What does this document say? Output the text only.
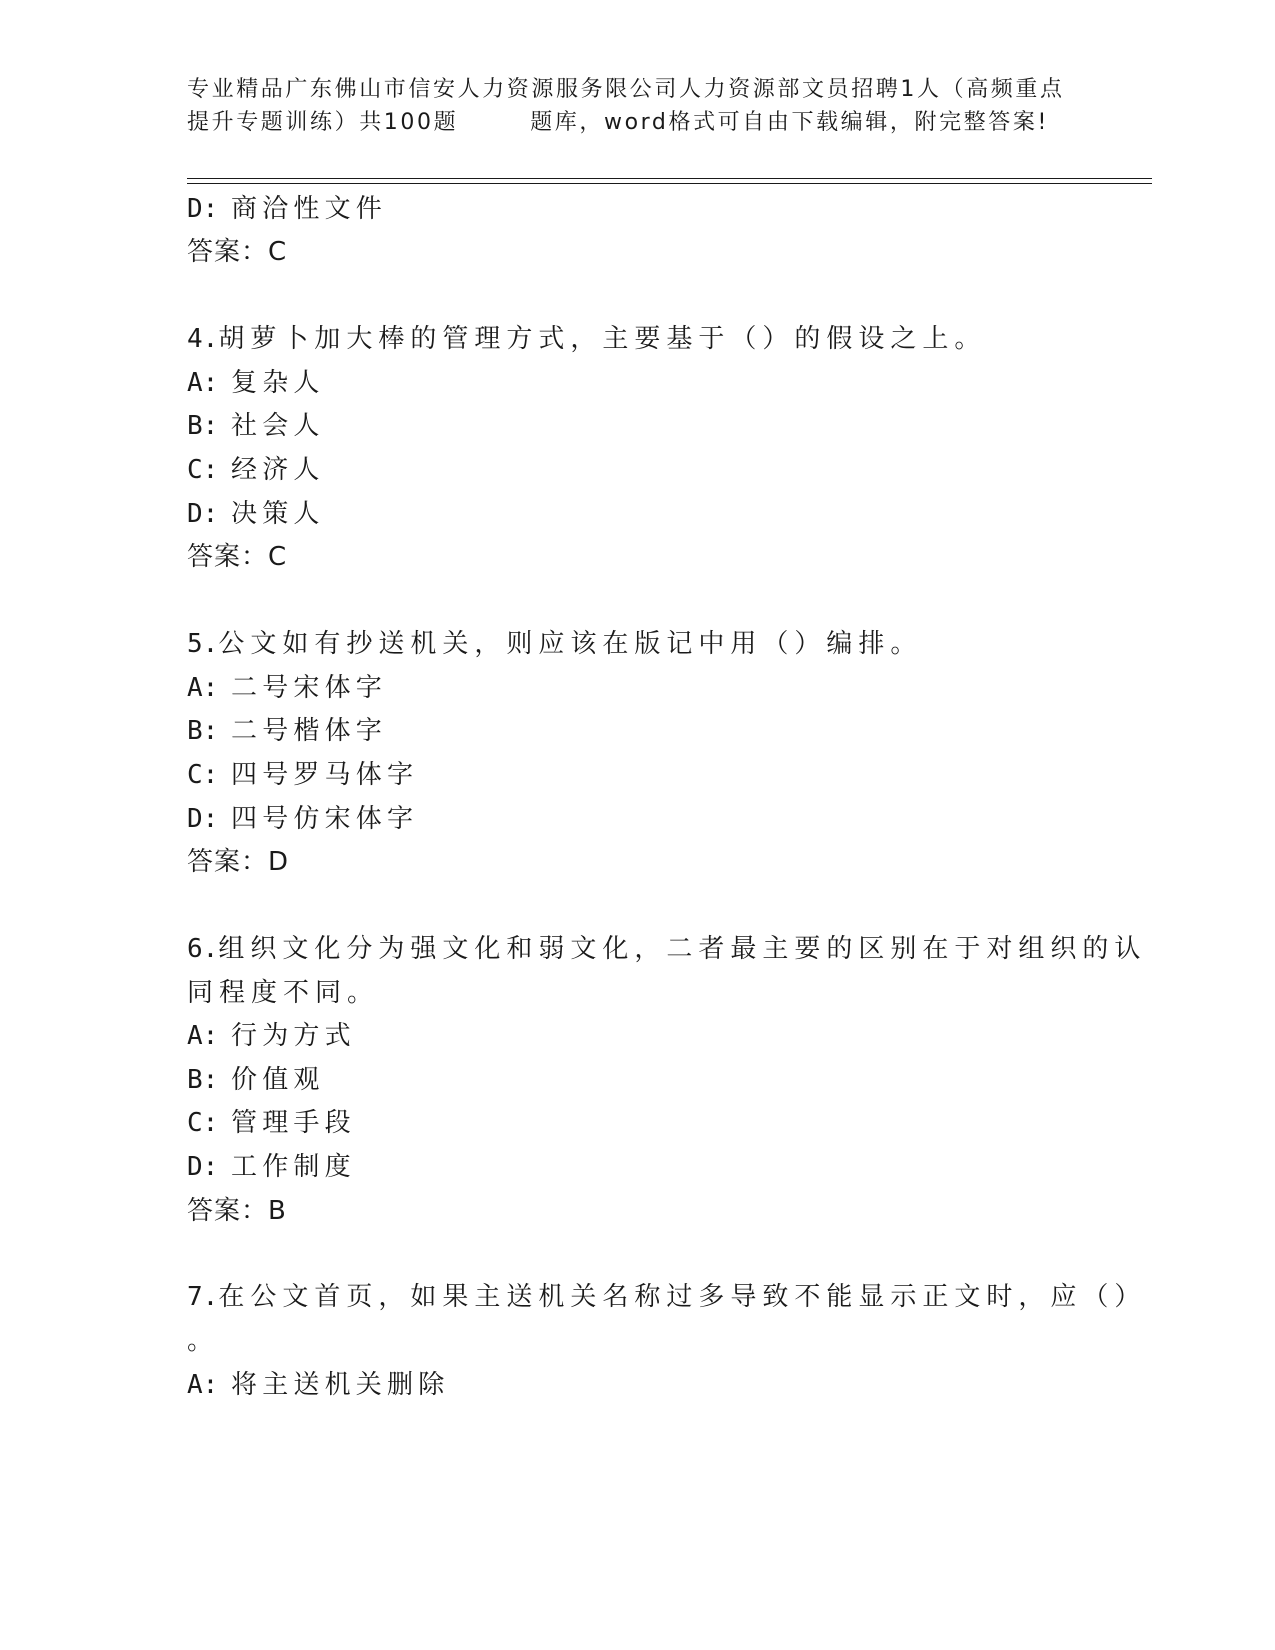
专业精品广东佛山市信安人力资源服务限公司人力资源部文员招聘1人（高频重点
提升专题训练）共100题	题库，word格式可自由下载编辑，附完整答案!
D: 商洽性文件
答案：C
4.胡萝卜加大棒的管理方式，主要基于（）的假设之上。
A: 复杂人
B: 社会人
C: 经济人
D: 决策人
答案：C
5.公文如有抄送机关，则应该在版记中用（）编排。
A: 二号宋体字
B: 二号楷体字
C: 四号罗马体字
D: 四号仿宋体字
答案：D
6.组织文化分为强文化和弱文化，二者最主要的区别在于对组织的认
同程度不同。
A: 行为方式
B: 价值观
C: 管理手段
D: 工作制度
答案：B
7.在公文首页，如果主送机关名称过多导致不能显示正文时，应（）
。
A: 将主送机关删除
